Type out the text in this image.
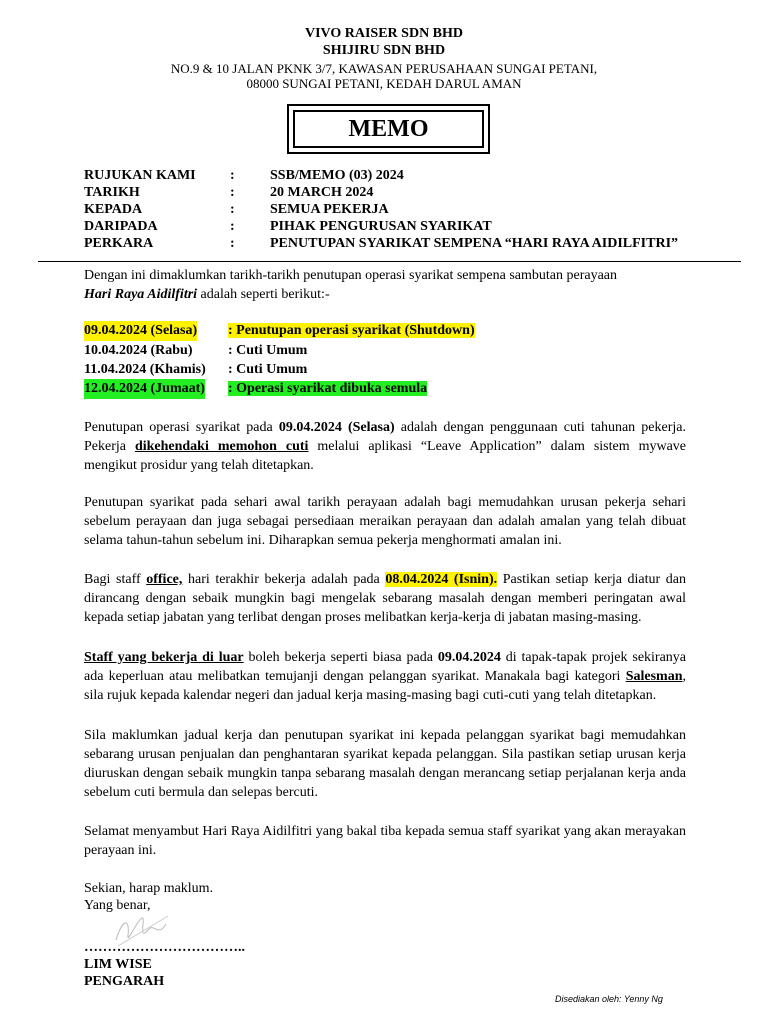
VIVO RAISER SDN BHD
SHIJIRU SDN BHD
NO.9 & 10 JALAN PKNK 3/7, KAWASAN PERUSAHAAN SUNGAI PETANI,
08000 SUNGAI PETANI, KEDAH DARUL AMAN
MEMO
RUJUKAN KAMI :	SSB/MEMO (03) 2024
TARIKH	:	20 MARCH 2024
KEPADA	:	SEMUA PEKERJA
DARIPADA	:	PIHAK PENGURUSAN SYARIKAT
PERKARA	:	PENUTUPAN SYARIKAT SEMPENA “HARI RAYA AIDILFITRI”
Dengan ini dimaklumkan tarikh-tarikh penutupan operasi syarikat sempena sambutan perayaan
Hari Raya Aidilfitri adalah seperti berikut:-
09.04.2024 (Selasa) : Penutupan operasi syarikat (Shutdown)
10.04.2024 (Rabu)	: Cuti Umum
11.04.2024 (Khamis) : Cuti Umum
12.04.2024 (Jumaat) : Operasi syarikat dibuka semula
Penutupan operasi syarikat pada 09.04.2024 (Selasa) adalah dengan penggunaan cuti tahunan pekerja. Pekerja dikehendaki memohon cuti melalui aplikasi “Leave Application” dalam sistem mywave mengikut prosidur yang telah ditetapkan.
Penutupan syarikat pada sehari awal tarikh perayaan adalah bagi memudahkan urusan pekerja sehari sebelum perayaan dan juga sebagai persediaan meraikan perayaan dan adalah amalan yang telah dibuat selama tahun-tahun sebelum ini. Diharapkan semua pekerja menghormati amalan ini.
Bagi staff office, hari terakhir bekerja adalah pada 08.04.2024 (Isnin). Pastikan setiap kerja diatur dan dirancang dengan sebaik mungkin bagi mengelak sebarang masalah dengan memberi peringatan awal kepada setiap jabatan yang terlibat dengan proses melibatkan kerja-kerja di jabatan masing-masing.
Staff yang bekerja di luar boleh bekerja seperti biasa pada 09.04.2024 di tapak-tapak projek sekiranya ada keperluan atau melibatkan temujanji dengan pelanggan syarikat. Manakala bagi kategori Salesman, sila rujuk kepada kalendar negeri dan jadual kerja masing-masing bagi cuti-cuti yang telah ditetapkan.
Sila maklumkan jadual kerja dan penutupan syarikat ini kepada pelanggan syarikat bagi memudahkan sebarang urusan penjualan dan penghantaran syarikat kepada pelanggan. Sila pastikan setiap urusan kerja diuruskan dengan sebaik mungkin tanpa sebarang masalah dengan merancang setiap perjalanan kerja anda sebelum cuti bermula dan selepas bercuti.
Selamat menyambut Hari Raya Aidilfitri yang bakal tiba kepada semua staff syarikat yang akan merayakan perayaan ini.
Sekian, harap maklum.
Yang benar,
……………………………..
LIM WISE
PENGARAH
Disediakan oleh: Yenny Ng
